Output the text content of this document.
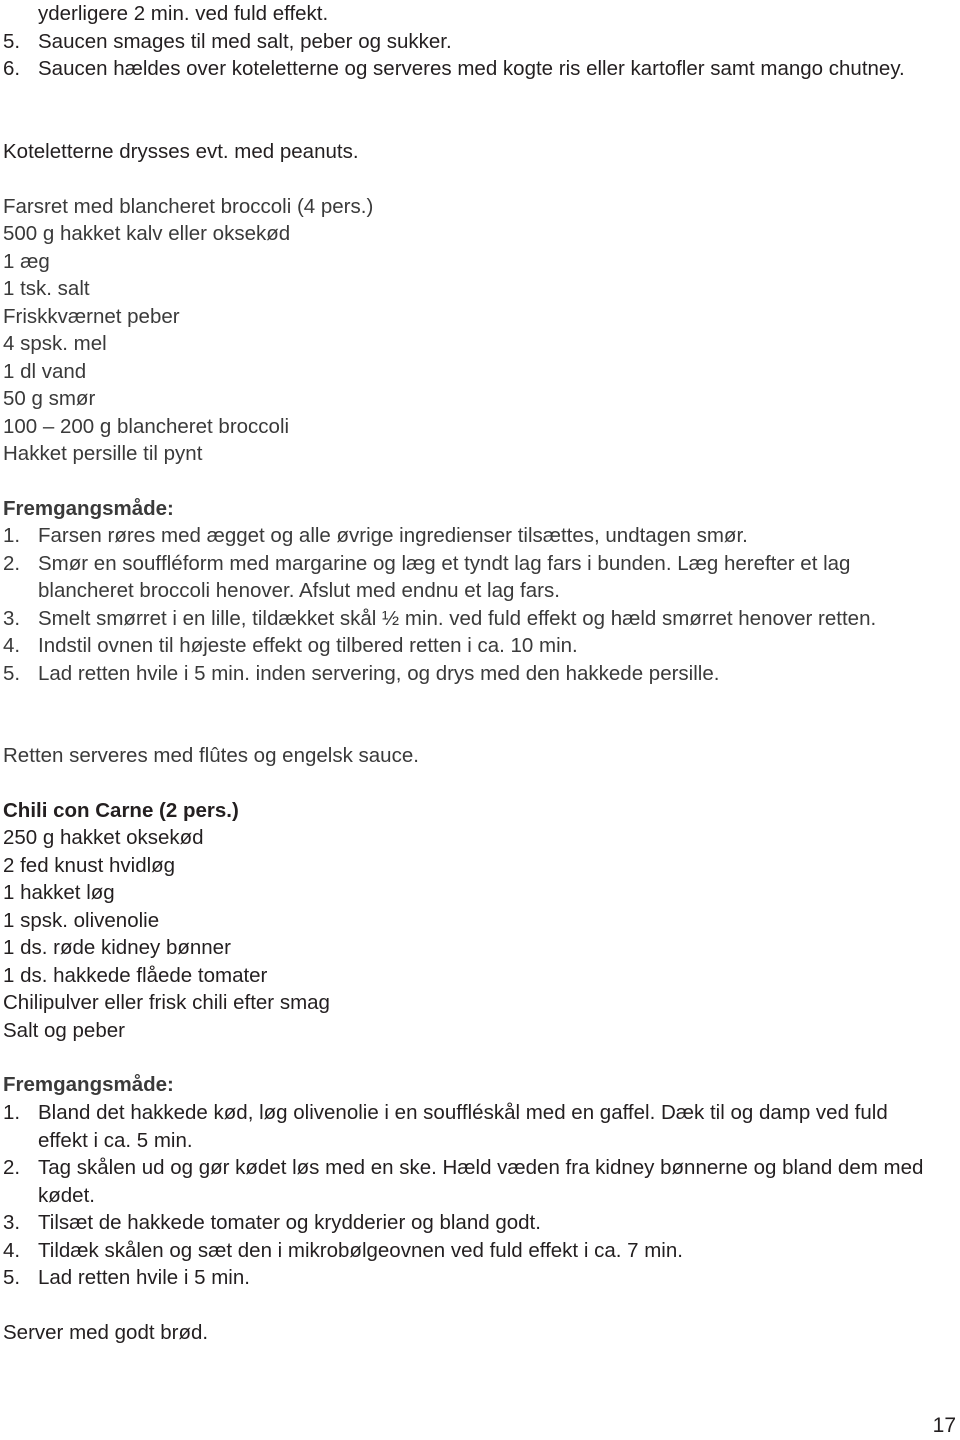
yderligere 2 min. ved fuld effekt.
5. Saucen smages til med salt, peber og sukker.
6. Saucen hældes over koteletterne og serveres med kogte ris eller kartofler samt mango chutney.
Koteletterne drysses evt. med peanuts.
Farsret med blancheret broccoli (4 pers.)
500 g hakket kalv eller oksekød
1 æg
1 tsk. salt
Friskkværnet peber
4 spsk. mel
1 dl vand
50 g smør
100 – 200 g blancheret broccoli
Hakket persille til pynt
Fremgangsmåde:
1. Farsen røres med ægget og alle øvrige ingredienser tilsættes, undtagen smør.
2. Smør en soufﬂéform med margarine og læg et tyndt lag fars i bunden. Læg herefter et lag blancheret broccoli henover. Afslut med endnu et lag fars.
3. Smelt smørret i en lille, tildækket skål ½ min. ved fuld effekt og hæld smørret henover retten.
4. Indstil ovnen til højeste effekt og tilbered retten i ca. 10 min.
5. Lad retten hvile i 5 min. inden servering, og drys med den hakkede persille.
Retten serveres med ﬂûtes og engelsk sauce.
Chili con Carne (2 pers.)
250 g hakket oksekød
2 fed knust hvidløg
1 hakket løg
1 spsk. olivenolie
1 ds. røde kidney bønner
1 ds. hakkede ﬂåede tomater
Chilipulver eller frisk chili efter smag
Salt og peber
Fremgangsmåde:
1. Bland det hakkede kød, løg olivenolie i en soufﬂéskål med en gaffel. Dæk til og damp ved fuld effekt i ca. 5 min.
2. Tag skålen ud og gør kødet løs med en ske. Hæld væden fra kidney bønnerne og bland dem med kødet.
3. Tilsæt de hakkede tomater og krydderier og bland godt.
4. Tildæk skålen og sæt den i mikrobølgeovnen ved fuld effekt i ca. 7 min.
5. Lad retten hvile i 5 min.
Server med godt brød.
17
